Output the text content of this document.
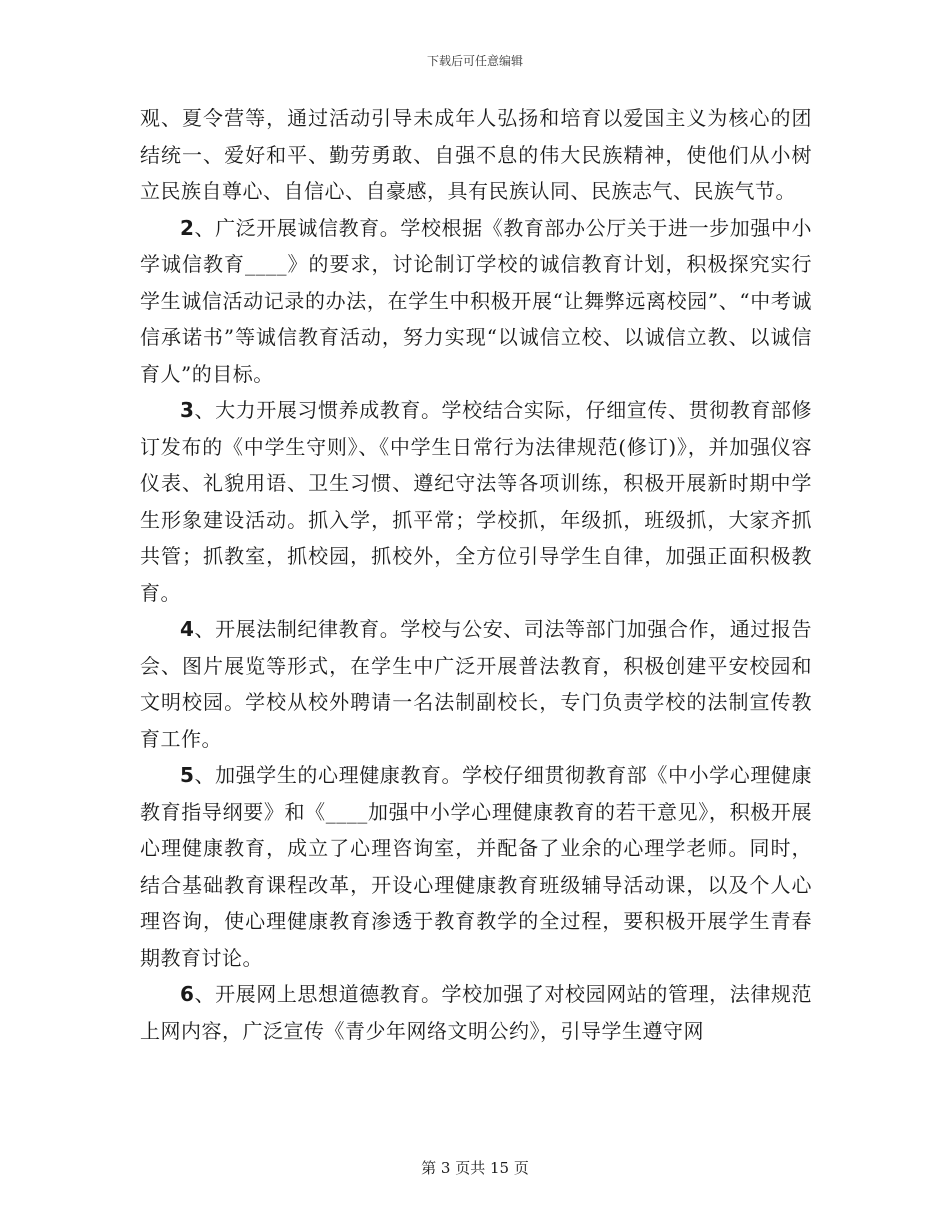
下载后可任意编辑

观、夏令营等，通过活动引导未成年人弘扬和培育以爱国主义为核心的团结统一、爱好和平、勤劳勇敢、自强不息的伟大民族精神，使他们从小树立民族自尊心、自信心、自豪感，具有民族认同、民族志气、民族气节。

2、广泛开展诚信教育。学校根据《教育部办公厅关于进一步加强中小学诚信教育____》的要求，讨论制订学校的诚信教育计划，积极探究实行学生诚信活动记录的办法，在学生中积极开展“让舞弊远离校园”、“中考诚信承诺书”等诚信教育活动，努力实现“以诚信立校、以诚信立教、以诚信育人”的目标。

3、大力开展习惯养成教育。学校结合实际，仔细宣传、贯彻教育部修订发布的《中学生守则》、《中学生日常行为法律规范(修订)》，并加强仪容仪表、礼貌用语、卫生习惯、遵纪守法等各项训练，积极开展新时期中学生形象建设活动。抓入学，抓平常；学校抓，年级抓，班级抓，大家齐抓共管；抓教室，抓校园，抓校外，全方位引导学生自律，加强正面积极教育。

4、开展法制纪律教育。学校与公安、司法等部门加强合作，通过报告会、图片展览等形式，在学生中广泛开展普法教育，积极创建平安校园和文明校园。学校从校外聘请一名法制副校长，专门负责学校的法制宣传教育工作。

5、加强学生的心理健康教育。学校仔细贯彻教育部《中小学心理健康教育指导纲要》和《____加强中小学心理健康教育的若干意见》，积极开展心理健康教育，成立了心理咨询室，并配备了业余的心理学老师。同时，结合基础教育课程改革，开设心理健康教育班级辅导活动课，以及个人心理咨询，使心理健康教育渗透于教育教学的全过程，要积极开展学生青春期教育讨论。

6、开展网上思想道德教育。学校加强了对校园网站的管理，法律规范上网内容，广泛宣传《青少年网络文明公约》，引导学生遵守网

第 3 页共 15 页
